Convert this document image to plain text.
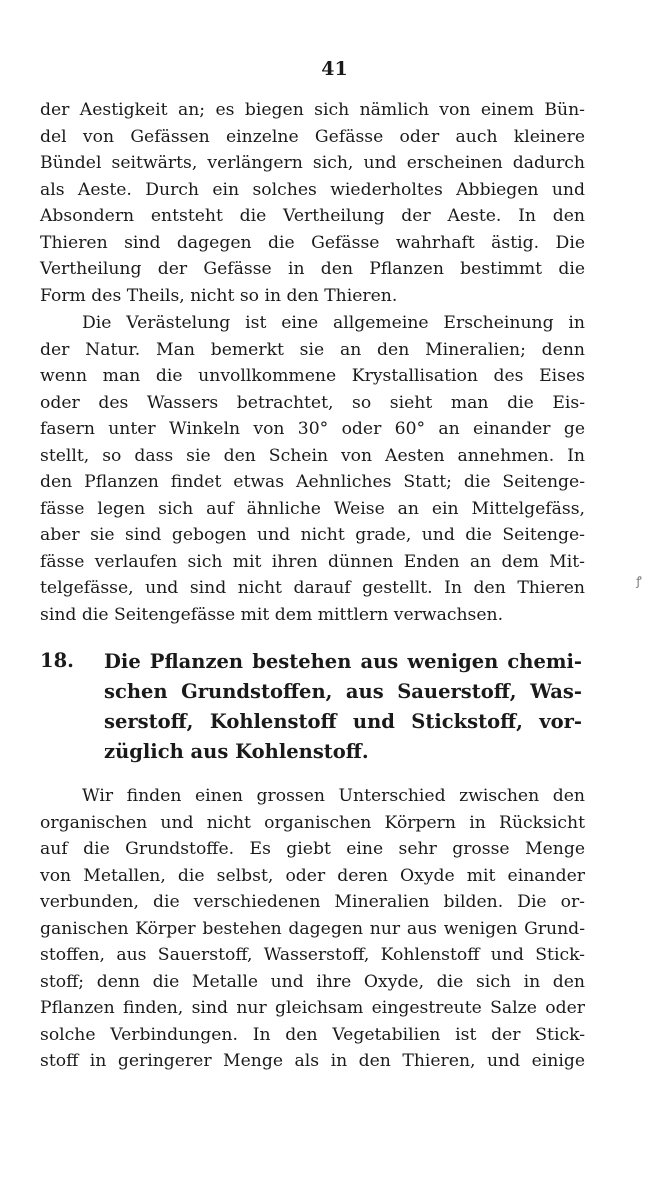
41
der Aestigkeit an; es biegen sich nämlich von einem Bün-
del von Gefässen einzelne Gefässe oder auch kleinere
Bündel seitwärts, verlängern sich, und erscheinen dadurch
als Aeste. Durch ein solches wiederholtes Abbiegen und
Absondern entsteht die Vertheilung der Aeste. In den
Thieren sind dagegen die Gefässe wahrhaft ästig. Die
Vertheilung der Gefässe in den Pflanzen bestimmt die
Form des Theils, nicht so in den Thieren.
Die Verästelung ist eine allgemeine Erscheinung in
der Natur. Man bemerkt sie an den Mineralien; denn
wenn man die unvollkommene Krystallisation des Eises
oder des Wassers betrachtet, so sieht man die Eis-
fasern unter Winkeln von 30° oder 60° an einander ge
stellt, so dass sie den Schein von Aesten annehmen. In
den Pflanzen findet etwas Aehnliches Statt; die Seitenge-
fässe legen sich auf ähnliche Weise an ein Mittelgefäss,
aber sie sind gebogen und nicht grade, und die Seitenge-
fässe verlaufen sich mit ihren dünnen Enden an dem Mit-
telgefässe, und sind nicht darauf gestellt. In den Thieren
sind die Seitengefässe mit dem mittlern verwachsen.
18. Die Pflanzen bestehen aus wenigen chemi-
schen Grundstoffen, aus Sauerstoff, Was-
serstoff, Kohlenstoff und Stickstoff, vor-
züglich aus Kohlenstoff.
Wir finden einen grossen Unterschied zwischen den
organischen und nicht organischen Körpern in Rücksicht
auf die Grundstoffe. Es giebt eine sehr grosse Menge
von Metallen, die selbst, oder deren Oxyde mit einander
verbunden, die verschiedenen Mineralien bilden. Die or-
ganischen Körper bestehen dagegen nur aus wenigen Grund-
stoffen, aus Sauerstoff, Wasserstoff, Kohlenstoff und Stick-
stoff; denn die Metalle und ihre Oxyde, die sich in den
Pflanzen finden, sind nur gleichsam eingestreute Salze oder
solche Verbindungen. In den Vegetabilien ist der Stick-
stoff in geringerer Menge als in den Thieren, und einige
ꝭ
